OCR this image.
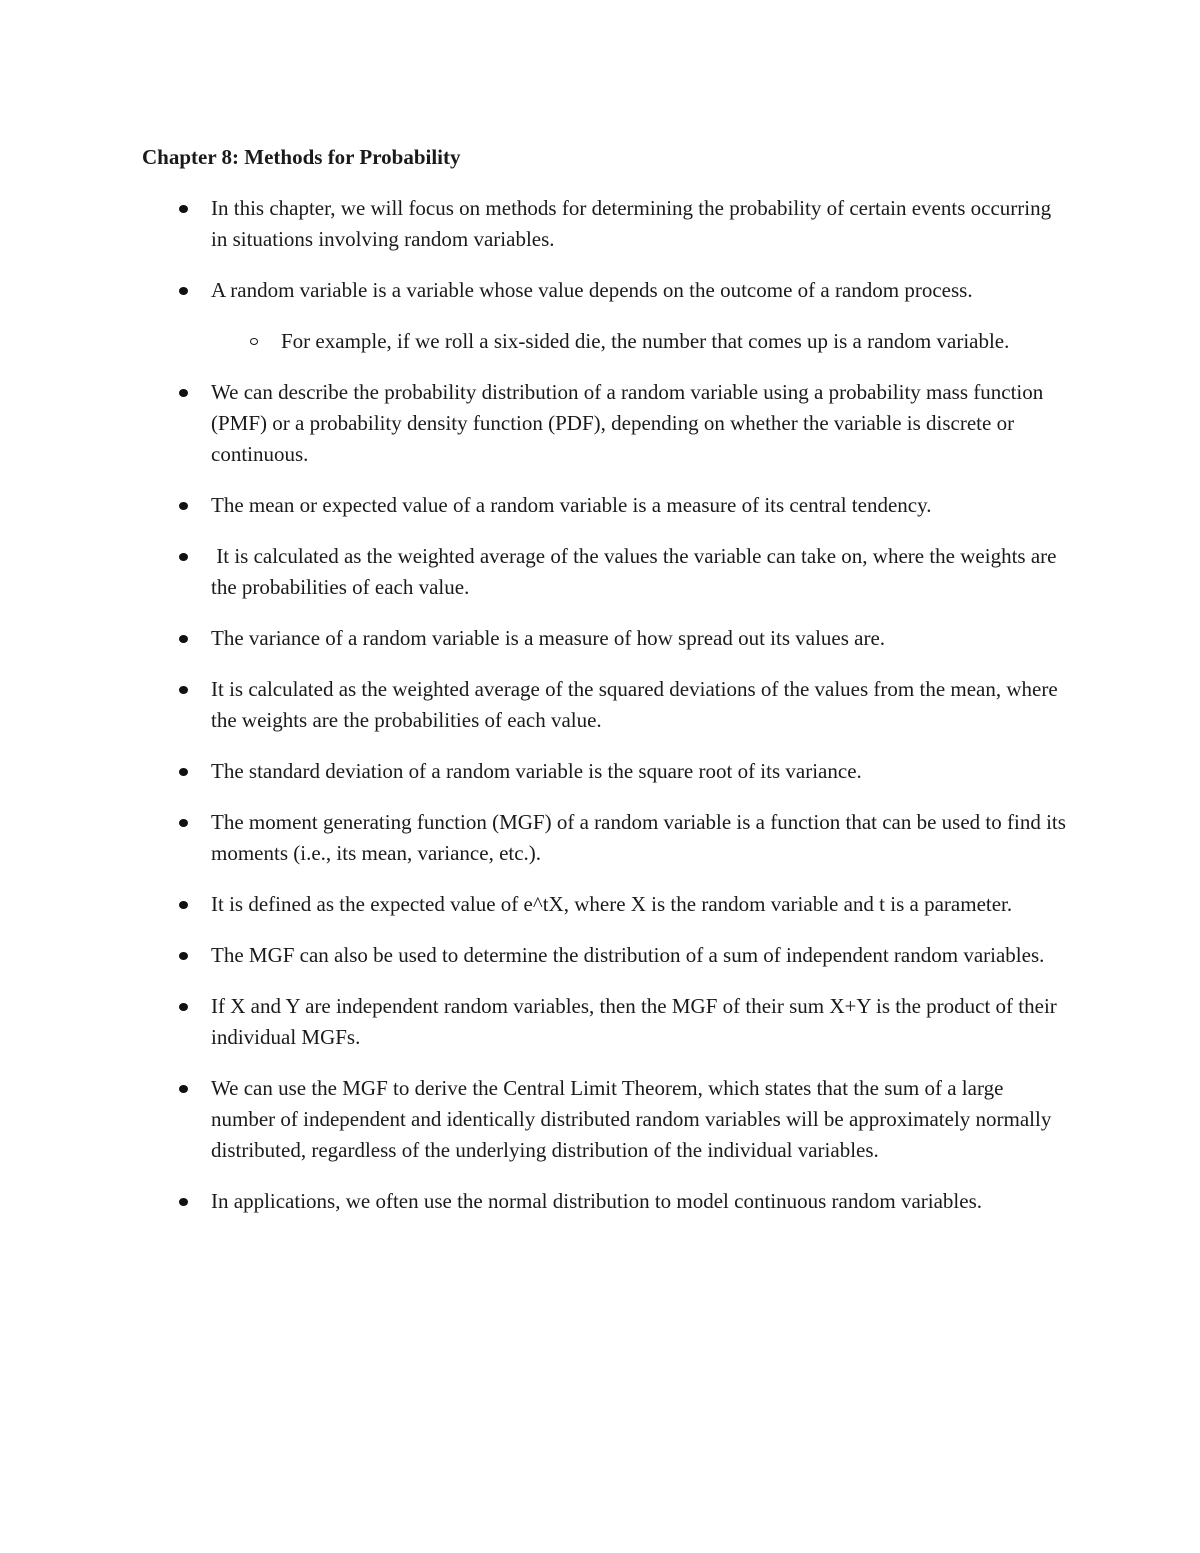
Chapter 8: Methods for Probability
In this chapter, we will focus on methods for determining the probability of certain events occurring in situations involving random variables.
A random variable is a variable whose value depends on the outcome of a random process.
For example, if we roll a six-sided die, the number that comes up is a random variable.
We can describe the probability distribution of a random variable using a probability mass function (PMF) or a probability density function (PDF), depending on whether the variable is discrete or continuous.
The mean or expected value of a random variable is a measure of its central tendency.
It is calculated as the weighted average of the values the variable can take on, where the weights are the probabilities of each value.
The variance of a random variable is a measure of how spread out its values are.
It is calculated as the weighted average of the squared deviations of the values from the mean, where the weights are the probabilities of each value.
The standard deviation of a random variable is the square root of its variance.
The moment generating function (MGF) of a random variable is a function that can be used to find its moments (i.e., its mean, variance, etc.).
It is defined as the expected value of e^tX, where X is the random variable and t is a parameter.
The MGF can also be used to determine the distribution of a sum of independent random variables.
If X and Y are independent random variables, then the MGF of their sum X+Y is the product of their individual MGFs.
We can use the MGF to derive the Central Limit Theorem, which states that the sum of a large number of independent and identically distributed random variables will be approximately normally distributed, regardless of the underlying distribution of the individual variables.
In applications, we often use the normal distribution to model continuous random variables.
